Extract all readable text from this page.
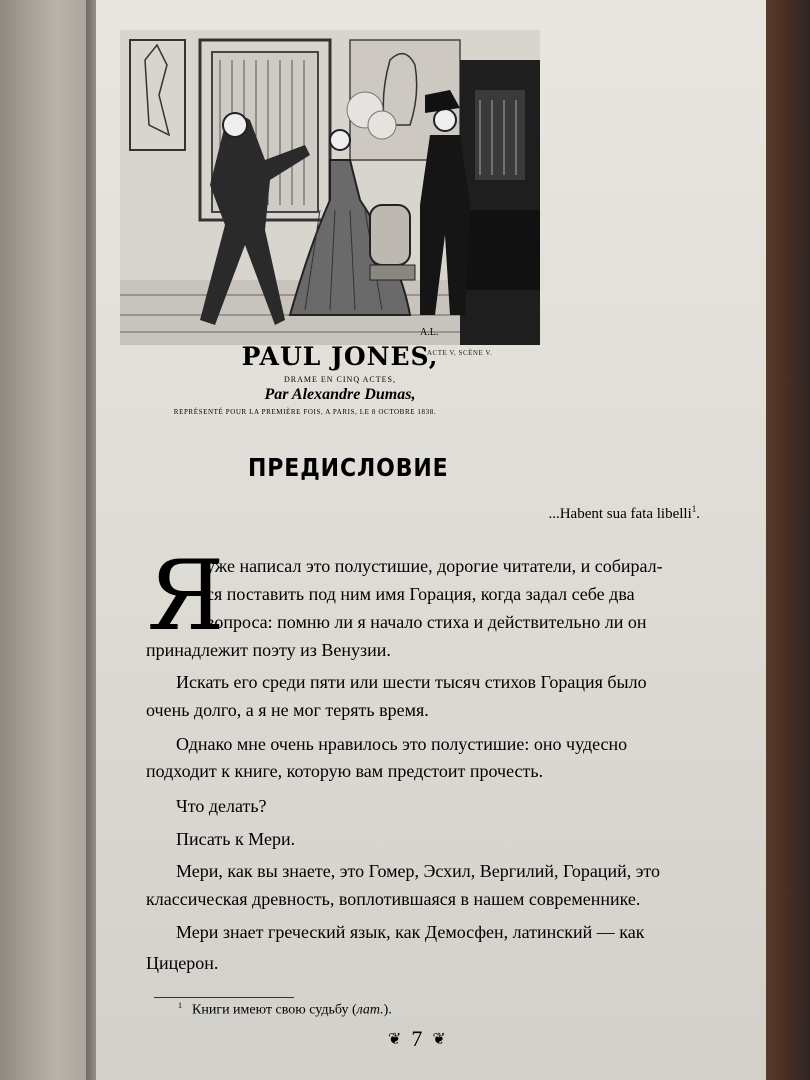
A.L.
ACTE V, SCÈNE V.
PAUL JONES,
DRAME EN CINQ ACTES,
Par Alexandre Dumas,
REPRÉSENTÉ POUR LA PREMIÈRE FOIS, A PARIS, LE 8 OCTOBRE 1838.
ПРЕДИСЛОВИЕ
...Habent sua fata libelli$^1$.
Я
уже написал это полустишие, дорогие читатели, и собирал-
ся поставить под ним имя Горация, когда задал себе два
вопроса: помню ли я начало стиха и действительно ли он
принадлежит поэту из Венузии.
Искать его среди пяти или шести тысяч стихов Горация было
очень долго, а я не мог терять время.
Однако мне очень нравилось это полустишие: оно чудесно
подходит к книге, которую вам предстоит прочесть.
Что делать?
Писать к Мери.
Мери, как вы знаете, это Гомер, Эсхил, Вергилий, Гораций, это
классическая древность, воплотившаяся в нашем современнике.
Мери знает греческий язык, как Демосфен, латинский — как
Цицерон.
$^1$ Книги имеют свою судьбу (лат.).
❦ 7 ❦
